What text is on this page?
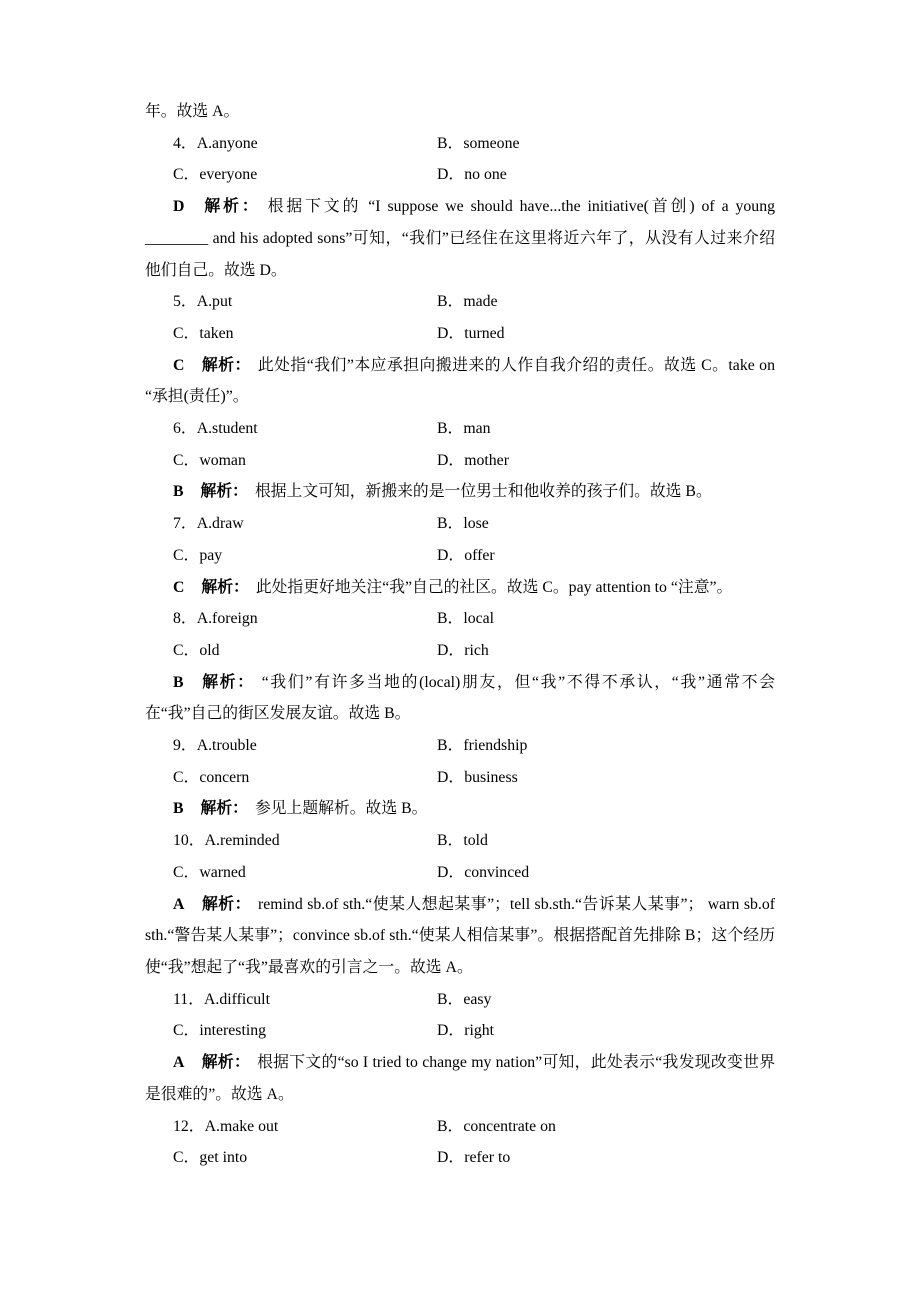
年。故选 A。
4．A.anyone	B．someone
C．everyone	D．no one

D 解析： 根据下文的 “I suppose we should have...the initiative(首创) of a young ________ and his adopted sons”可知，“我们”已经住在这里将近六年了，从没有人过来介绍他们自己。故选 D。

5．A.put	B．made
C．taken	D．turned

C 解析： 此处指“我们”本应承担向搬进来的人作自我介绍的责任。故选 C。take on “承担(责任)”。

6．A.student	B．man
C．woman	D．mother

B 解析： 根据上文可知，新搬来的是一位男士和他收养的孩子们。故选 B。

7．A.draw	B．lose
C．pay	D．offer

C 解析： 此处指更好地关注“我”自己的社区。故选 C。pay attention to “注意”。

8．A.foreign	B．local
C．old	D．rich

B 解析： “我们”有许多当地的(local)朋友，但“我”不得不承认，“我”通常不会在“我”自己的街区发展友谊。故选 B。

9．A.trouble	B．friendship
C．concern	D．business

B 解析： 参见上题解析。故选 B。

10．A.reminded	B．told
C．warned	D．convinced

A 解析： remind sb.of sth.“使某人想起某事”；tell sb.sth.“告诉某人某事”； warn sb.of sth.“警告某人某事”；convince sb.of sth.“使某人相信某事”。根据搭配首先排除 B；这个经历使“我”想起了“我”最喜欢的引言之一。故选 A。

11．A.difficult	B．easy
C．interesting	D．right

A 解析： 根据下文的“so I tried to change my nation”可知，此处表示“我发现改变世界是很难的”。故选 A。

12．A.make out	B．concentrate on
C．get into	D．refer to
